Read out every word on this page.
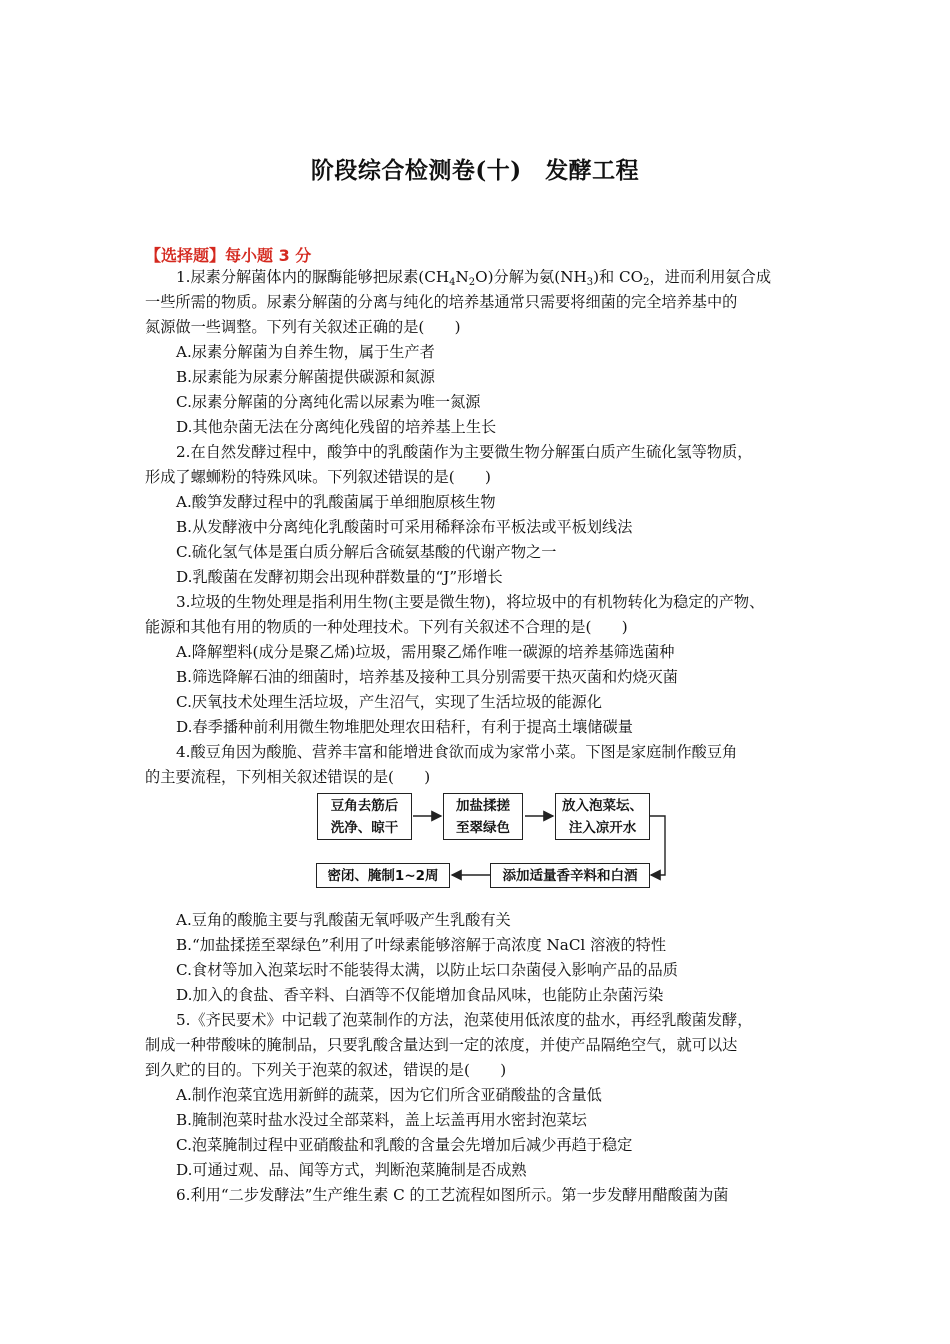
阶段综合检测卷(十)　发酵工程
【选择题】每小题 3 分
1.尿素分解菌体内的脲酶能够把尿素$(CH_4N_2O)$分解为氨$(NH_3)$和 $CO_2$，进而利用氨合成
一些所需的物质。尿素分解菌的分离与纯化的培养基通常只需要将细菌的完全培养基中的
氮源做一些调整。下列有关叙述正确的是(　　)
A.尿素分解菌为自养生物，属于生产者
B.尿素能为尿素分解菌提供碳源和氮源
C.尿素分解菌的分离纯化需以尿素为唯一氮源
D.其他杂菌无法在分离纯化残留的培养基上生长
2.在自然发酵过程中，酸笋中的乳酸菌作为主要微生物分解蛋白质产生硫化氢等物质，
形成了螺蛳粉的特殊风味。下列叙述错误的是(　　)
A.酸笋发酵过程中的乳酸菌属于单细胞原核生物
B.从发酵液中分离纯化乳酸菌时可采用稀释涂布平板法或平板划线法
C.硫化氢气体是蛋白质分解后含硫氨基酸的代谢产物之一
D.乳酸菌在发酵初期会出现种群数量的“J”形增长
3.垃圾的生物处理是指利用生物(主要是微生物)，将垃圾中的有机物转化为稳定的产物、
能源和其他有用的物质的一种处理技术。下列有关叙述不合理的是(　　)
A.降解塑料(成分是聚乙烯)垃圾，需用聚乙烯作唯一碳源的培养基筛选菌种
B.筛选降解石油的细菌时，培养基及接种工具分别需要干热灭菌和灼烧灭菌
C.厌氧技术处理生活垃圾，产生沼气，实现了生活垃圾的能源化
D.春季播种前利用微生物堆肥处理农田秸秆，有利于提高土壤储碳量
4.酸豆角因为酸脆、营养丰富和能增进食欲而成为家常小菜。下图是家庭制作酸豆角
的主要流程，下列相关叙述错误的是(　　)
豆角去筋后
洗净、晾干
加盐揉搓
至翠绿色
放入泡菜坛、
注入凉开水
添加适量香辛料和白酒
密闭、腌制1~2周
A.豆角的酸脆主要与乳酸菌无氧呼吸产生乳酸有关
B.“加盐揉搓至翠绿色”利用了叶绿素能够溶解于高浓度 NaCl 溶液的特性
C.食材等加入泡菜坛时不能装得太满，以防止坛口杂菌侵入影响产品的品质
D.加入的食盐、香辛料、白酒等不仅能增加食品风味，也能防止杂菌污染
5.《齐民要术》中记载了泡菜制作的方法，泡菜使用低浓度的盐水，再经乳酸菌发酵，
制成一种带酸味的腌制品，只要乳酸含量达到一定的浓度，并使产品隔绝空气，就可以达
到久贮的目的。下列关于泡菜的叙述，错误的是(　　)
A.制作泡菜宜选用新鲜的蔬菜，因为它们所含亚硝酸盐的含量低
B.腌制泡菜时盐水没过全部菜料，盖上坛盖再用水密封泡菜坛
C.泡菜腌制过程中亚硝酸盐和乳酸的含量会先增加后减少再趋于稳定
D.可通过观、品、闻等方式，判断泡菜腌制是否成熟
6.利用“二步发酵法”生产维生素 C 的工艺流程如图所示。第一步发酵用醋酸菌为菌
